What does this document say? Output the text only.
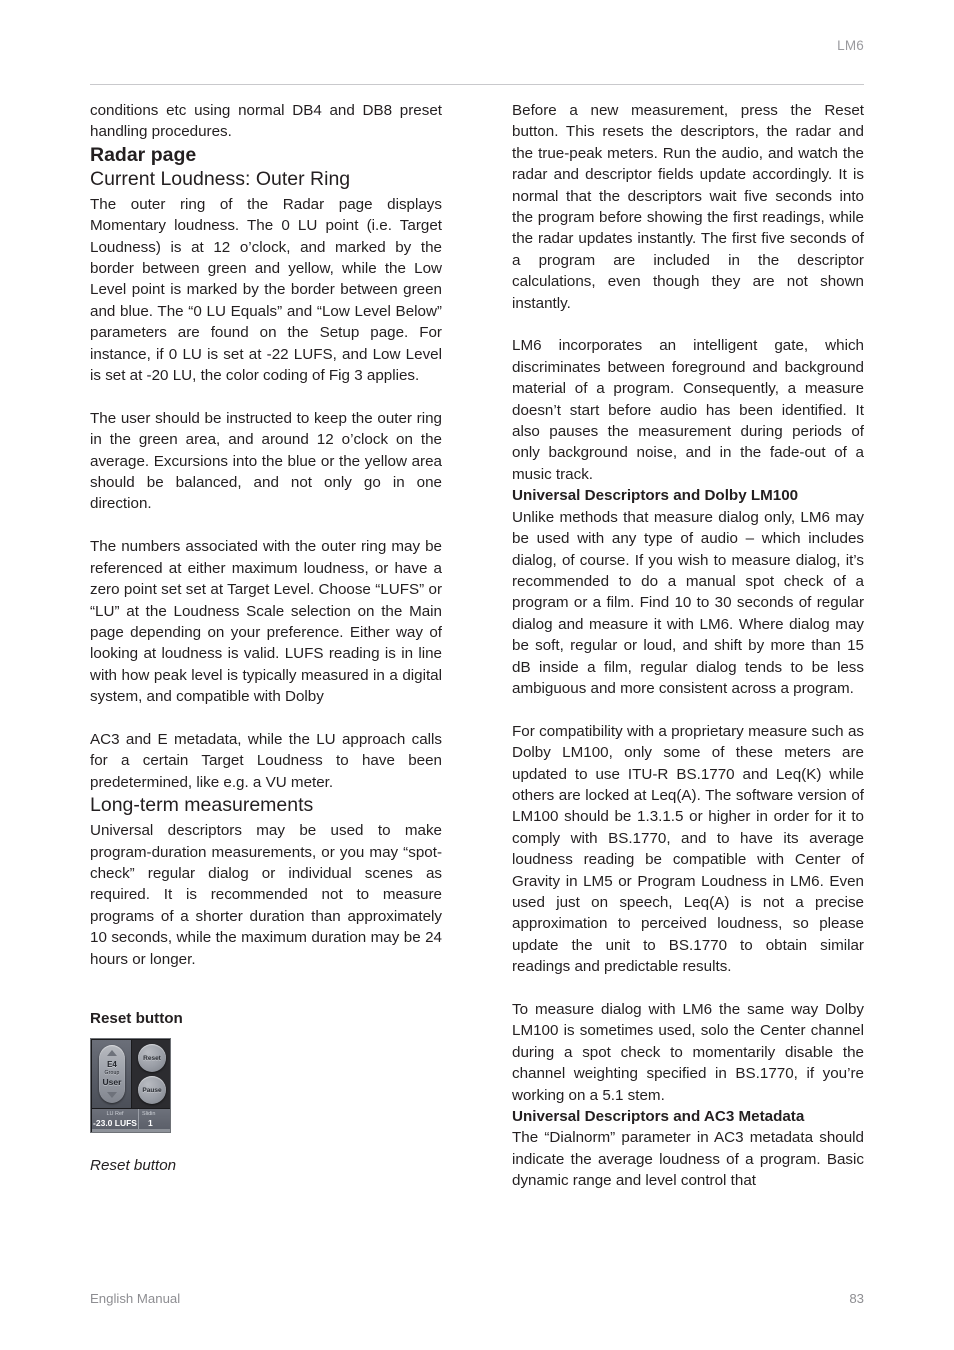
LM6

conditions etc using normal DB4 and DB8 preset handling procedures.

Radar page
Current Loudness: Outer Ring

The outer ring of the Radar page displays Momentary loudness. The 0 LU point (i.e. Target Loudness) is at 12 o’clock, and marked by the border between green and yellow, while the Low Level point is marked by the border between green and blue. The “0 LU Equals” and “Low Level Below” parameters are found on the Setup page. For instance, if 0 LU is set at -22 LUFS, and Low Level is set at -20 LU, the color coding of Fig 3 applies.

The user should be instructed to keep the outer ring in the green area, and around 12 o’clock on the average. Excursions into the blue or the yellow area should be balanced, and not only go in one direction.

The numbers associated with the outer ring may be referenced at either maximum loudness, or have a zero point set set at Target Level. Choose “LUFS” or “LU” at the Loudness Scale selection on the Main page depending on your preference. Either way of looking at loudness is valid. LUFS reading is in line with how peak level is typically measured in a digital system, and compatible with Dolby

AC3 and E metadata, while the LU approach calls for a certain Target Loudness to have been predetermined, like e.g. a VU meter.

Long-term measurements

Universal descriptors may be used to make program-duration measurements, or you may “spot-check” regular dialog or individual scenes as required. It is recommended not to measure programs of a shorter duration than approximately 10 seconds, while the maximum duration may be 24 hours or longer.

Reset button
E4
Group
User
Reset
Pause
LU Ref
-23.0 LUFS
Slidin
1
Reset button

Before a new measurement, press the Reset button. This resets the descriptors, the radar and the true-peak meters. Run the audio, and watch the radar and descriptor fields update accordingly. It is normal that the descriptors wait five seconds into the program before showing the first readings, while the radar updates instantly. The first five seconds of a program are included in the descriptor calculations, even though they are not shown instantly.

LM6 incorporates an intelligent gate, which discriminates between foreground and background material of a program. Consequently, a measure doesn’t start before audio has been identified. It also pauses the measurement during periods of only background noise, and in the fade-out of a music track.

Universal Descriptors and Dolby LM100

Unlike methods that measure dialog only, LM6 may be used with any type of audio – which includes dialog, of course. If you wish to measure dialog, it’s recommended to do a manual spot check of a program or a film. Find 10 to 30 seconds of regular dialog and measure it with LM6. Where dialog may be soft, regular or loud, and shift by more than 15 dB inside a film, regular dialog tends to be less ambiguous and more consistent across a program.

For compatibility with a proprietary measure such as Dolby LM100, only some of these meters are updated to use ITU-R BS.1770 and Leq(K) while others are locked at Leq(A). The software version of LM100 should be 1.3.1.5 or higher in order for it to comply with BS.1770, and to have its average loudness reading be compatible with Center of Gravity in LM5 or Program Loudness in LM6. Even used just on speech, Leq(A) is not a precise approximation to perceived loudness, so please update the unit to BS.1770 to obtain similar readings and predictable results.

To measure dialog with LM6 the same way Dolby LM100 is sometimes used, solo the Center channel during a spot check to momentarily disable the channel weighting specified in BS.1770, if you’re working on a 5.1 stem.

Universal Descriptors and AC3 Metadata

The “Dialnorm” parameter in AC3 metadata should indicate the average loudness of a program. Basic dynamic range and level control that

English Manual	83
